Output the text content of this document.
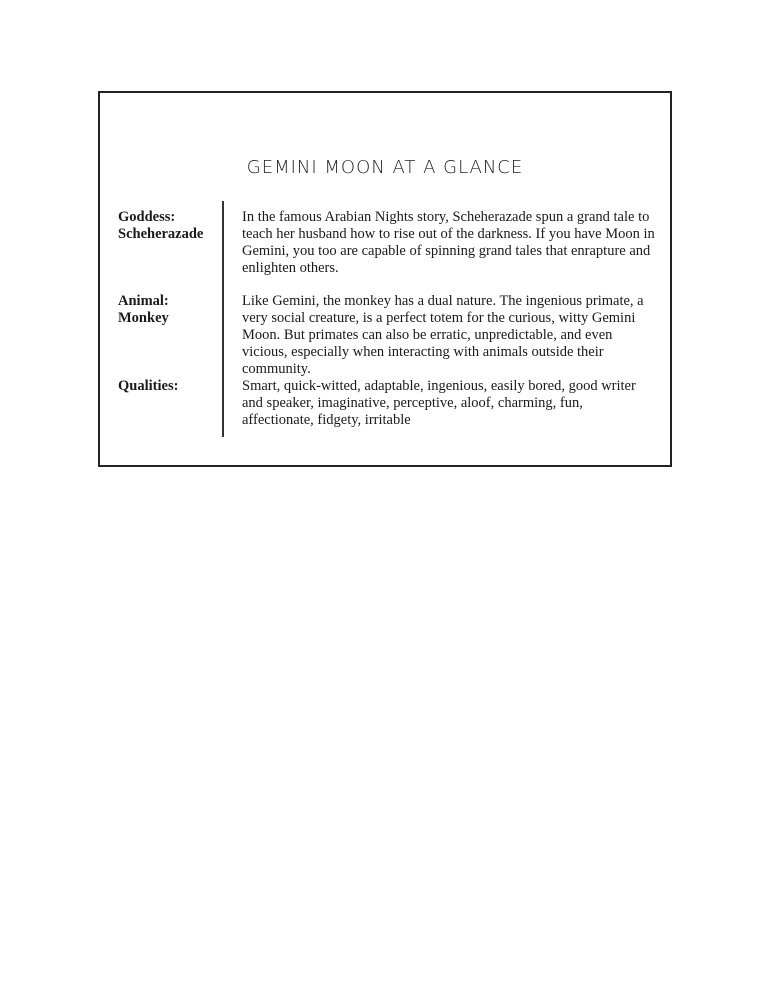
GEMINI MOON AT A GLANCE
Goddess:
Scheherazade
In the famous Arabian Nights story, Scheherazade spun a grand tale to teach her husband how to rise out of the darkness. If you have Moon in Gemini, you too are capable of spinning grand tales that enrapture and enlighten others.
Animal:
Monkey
Like Gemini, the monkey has a dual nature. The ingenious primate, a very social creature, is a perfect totem for the curious, witty Gemini Moon. But primates can also be erratic, unpredictable, and even vicious, especially when interacting with animals outside their community.
Qualities:	Smart, quick-witted, adaptable, ingenious, easily bored, good writer and speaker, imaginative, perceptive, aloof, charming, fun, affectionate, fidgety, irritable
